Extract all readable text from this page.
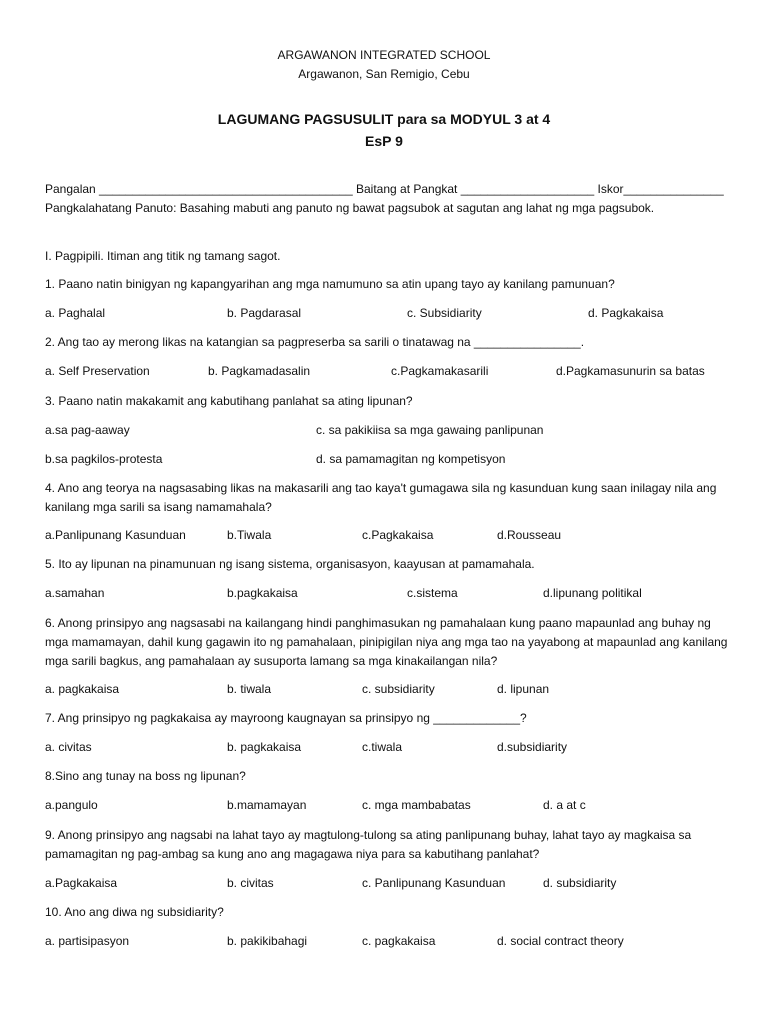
ARGAWANON INTEGRATED SCHOOL
Argawanon, San Remigio, Cebu
LAGUMANG PAGSUSULIT para sa MODYUL 3 at 4
EsP 9
Pangalan ______________________________________ Baitang at Pangkat ____________________ Iskor_______________
Pangkalahatang Panuto: Basahing mabuti ang panuto ng bawat pagsubok at sagutan ang lahat ng mga pagsubok.
I. Pagpipili. Itiman ang titik ng tamang sagot.
1. Paano natin binigyan ng kapangyarihan ang mga namumuno sa atin upang tayo ay kanilang pamunuan?
a. Paghalal	b. Pagdarasal	c. Subsidiarity	d. Pagkakaisa
2. Ang tao ay merong likas na katangian sa pagpreserba sa sarili o tinatawag na ________________.
a. Self Preservation	b. Pagkamadasalin	c.Pagkamakasarili	d.Pagkamasunurin sa batas
3. Paano natin makakamit ang kabutihang panlahat sa ating lipunan?
a.sa pag-aaway	c. sa pakikiisa sa mga gawaing panlipunan
b.sa pagkilos-protesta	d. sa pamamagitan ng kompetisyon
4. Ano ang teorya na nagsasabing likas na makasarili ang tao kaya't gumagawa sila ng kasunduan kung saan inilagay nila ang kanilang mga sarili sa isang namamahala?
a.Panlipunang Kasunduan	b.Tiwala	c.Pagkakaisa	d.Rousseau
5. Ito ay lipunan na pinamunuan ng isang sistema, organisasyon, kaayusan at pamamahala.
a.samahan	b.pagkakaisa	c.sistema	d.lipunang politikal
6. Anong prinsipyo ang nagsasabi na kailangang hindi panghimasukan ng pamahalaan kung paano mapaunlad ang buhay ng mga mamamayan, dahil kung gagawin ito ng pamahalaan, pinipigilan niya ang mga tao na yayabong at mapaunlad ang kanilang mga sarili bagkus, ang pamahalaan ay susuporta lamang sa mga kinakailangan nila?
a. pagkakaisa	b. tiwala	c. subsidiarity	d. lipunan
7. Ang prinsipyo ng pagkakaisa ay mayroong kaugnayan sa prinsipyo ng _____________?
a. civitas	b. pagkakaisa	c.tiwala	d.subsidiarity
8.Sino ang tunay na boss ng lipunan?
a.pangulo	b.mamamayan	c. mga mambabatas	d. a at c
9. Anong prinsipyo ang nagsabi na lahat tayo ay magtulong-tulong sa ating panlipunang buhay, lahat tayo ay magkaisa sa pamamagitan ng pag-ambag sa kung ano ang magagawa niya para sa kabutihang panlahat?
a.Pagkakaisa	b. civitas	c. Panlipunang Kasunduan	d. subsidiarity
10. Ano ang diwa ng subsidiarity?
a. partisipasyon	b. pakikibahagi	c. pagkakaisa	d. social contract theory
